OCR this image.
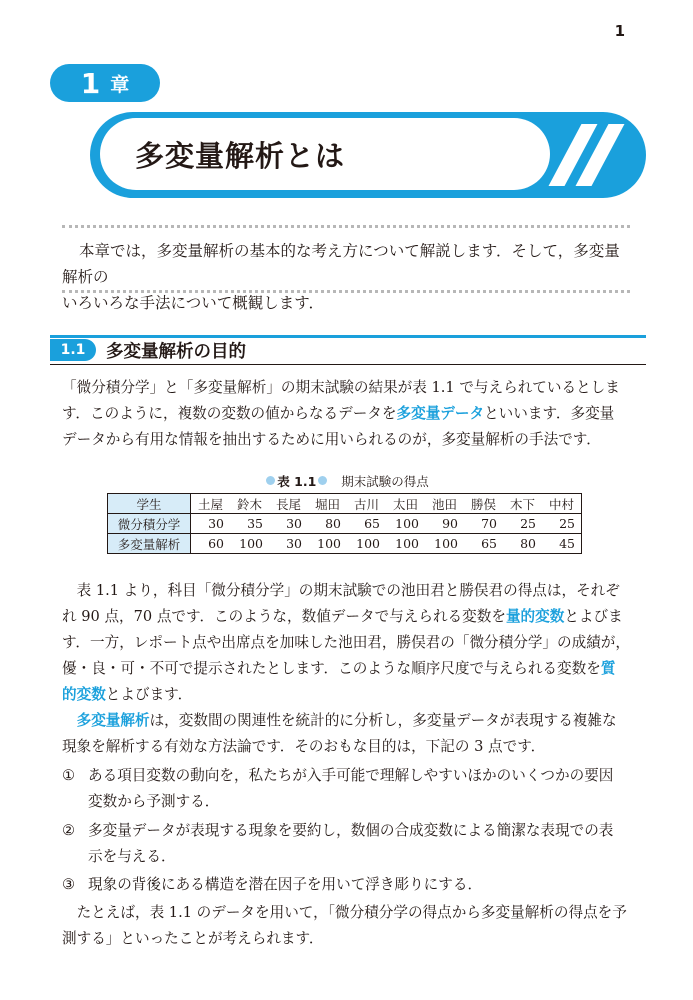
1
1 章
多変量解析とは

本章では，多変量解析の基本的な考え方について解説します．そして，多変量解析の

いろいろな手法について概観します．

1.1	多変量解析の目的

「微分積分学」と「多変量解析」の期末試験の結果が表 1.1 で与えられているとしま

す．このように，複数の変数の値からなるデータを多変量データといいます．多変量

データから有用な情報を抽出するために用いられるのが，多変量解析の手法です．

表 1.1 期末試験の得点
学生	土屋	鈴木	長尾	堀田	古川	太田	池田	勝俣	木下	中村
微分積分学	30	35	30	80	65	100	90	70	25	25
多変量解析	60	100	30	100	100	100	100	65	80	45

表 1.1 より，科目「微分積分学」の期末試験での池田君と勝俣君の得点は，それぞ

れ 90 点，70 点です．このような，数値データで与えられる変数を量的変数とよびま

す．一方，レポート点や出席点を加味した池田君，勝俣君の「微分積分学」の成績が，

優・良・可・不可で提示されたとします．このような順序尺度で与えられる変数を質

的変数とよびます．

多変量解析は，変数間の関連性を統計的に分析し，多変量データが表現する複雑な

現象を解析する有効な方法論です．そのおもな目的は，下記の 3 点です．

① ある項目変数の動向を，私たちが入手可能で理解しやすいほかのいくつかの要因
変数から予測する．
② 多変量データが表現する現象を要約し，数個の合成変数による簡潔な表現での表
示を与える．
③ 現象の背後にある構造を潜在因子を用いて浮き彫りにする．

たとえば，表 1.1 のデータを用いて，「微分積分学の得点から多変量解析の得点を予

測する」といったことが考えられます．
